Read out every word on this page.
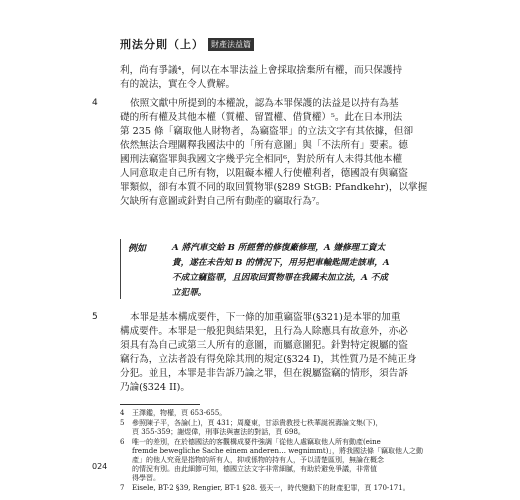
刑法分則（上） 財產法益篇
利，尚有爭議⁴，何以在本罪法益上會採取捨棄所有權，而只保護持
有的說法，實在令人費解。
4	依照文獻中所提到的本權說，認為本罪保護的法益是以持有為基
礎的所有權及其他本權（質權、留置權、借貸權）⁵。此在日本刑法
第 235 條「竊取他人財物者，為竊盜罪」的立法文字有其依據，但卻
依然無法合理關釋我國法中的「所有意圖」與「不法所有」要素。德
國刑法竊盜罪與我國文字幾乎完全相同⁶，對於所有人未得其他本權
人同意取走自己所有物，以阻礙本權人行使權利者，德國設有與竊盜
罪類似，卻有本質不同的取回質物罪(§289 StGB: Pfandkehr)，以掌握
欠缺所有意圖或針對自己所有動產的竊取行為⁷。
例如	A 將汽車交給 B 所經營的修復廠修理，A 嫌修理工資太
貴，遂在未告知 B 的情況下，用另把車輸匙開走該車，A
不成立竊盜罪，且因取回質物罪在我國未加立法，A 不成
立犯罪。
5	本罪是基本構成要件，下一條的加重竊盜罪(§321)是本罪的加重
構成要件。本罪是一般犯與結果犯，且行為人除應具有故意外，亦必
須具有為自己或第三人所有的意圖，而屬意圖犯。針對特定親屬的盜
竊行為，立法者設有得免除其刑的規定(§324 I)，其性質乃是不純正身
分犯。並且，本罪是非告訴乃論之罪，但在親屬盜竊的情形，須告訴
乃論(§324 II)。
4 王澤鑑，物權，頁 653-655。
5 參照陳子平，各論(上)，頁 431；周慶東，甘添貴教授七秩華誕祝壽論文集(下)，
頁 355-359；謝煜偉，刑事法與憲法的對話，頁 698。
6 唯一的差別，在於德國法的客觀構成要件強調「從他人處竊取他人所有動產(eine
fremde bewegliche Sache einem anderen… wegnimmt)」，將我國法條「竊取他人之動
產」的他人究竟是指物的所有人，抑或係物的持有人，予以清楚區別，無論在概念
的情況有別。由此細節可知，德國立法文字非常細膩，有助於避免爭議，非常值
得學習。
7 Eisele, BT-2 §39, Rengier, BT-1 §28. 張天一，時代變動下的財產犯罪，頁 170-171。
024
